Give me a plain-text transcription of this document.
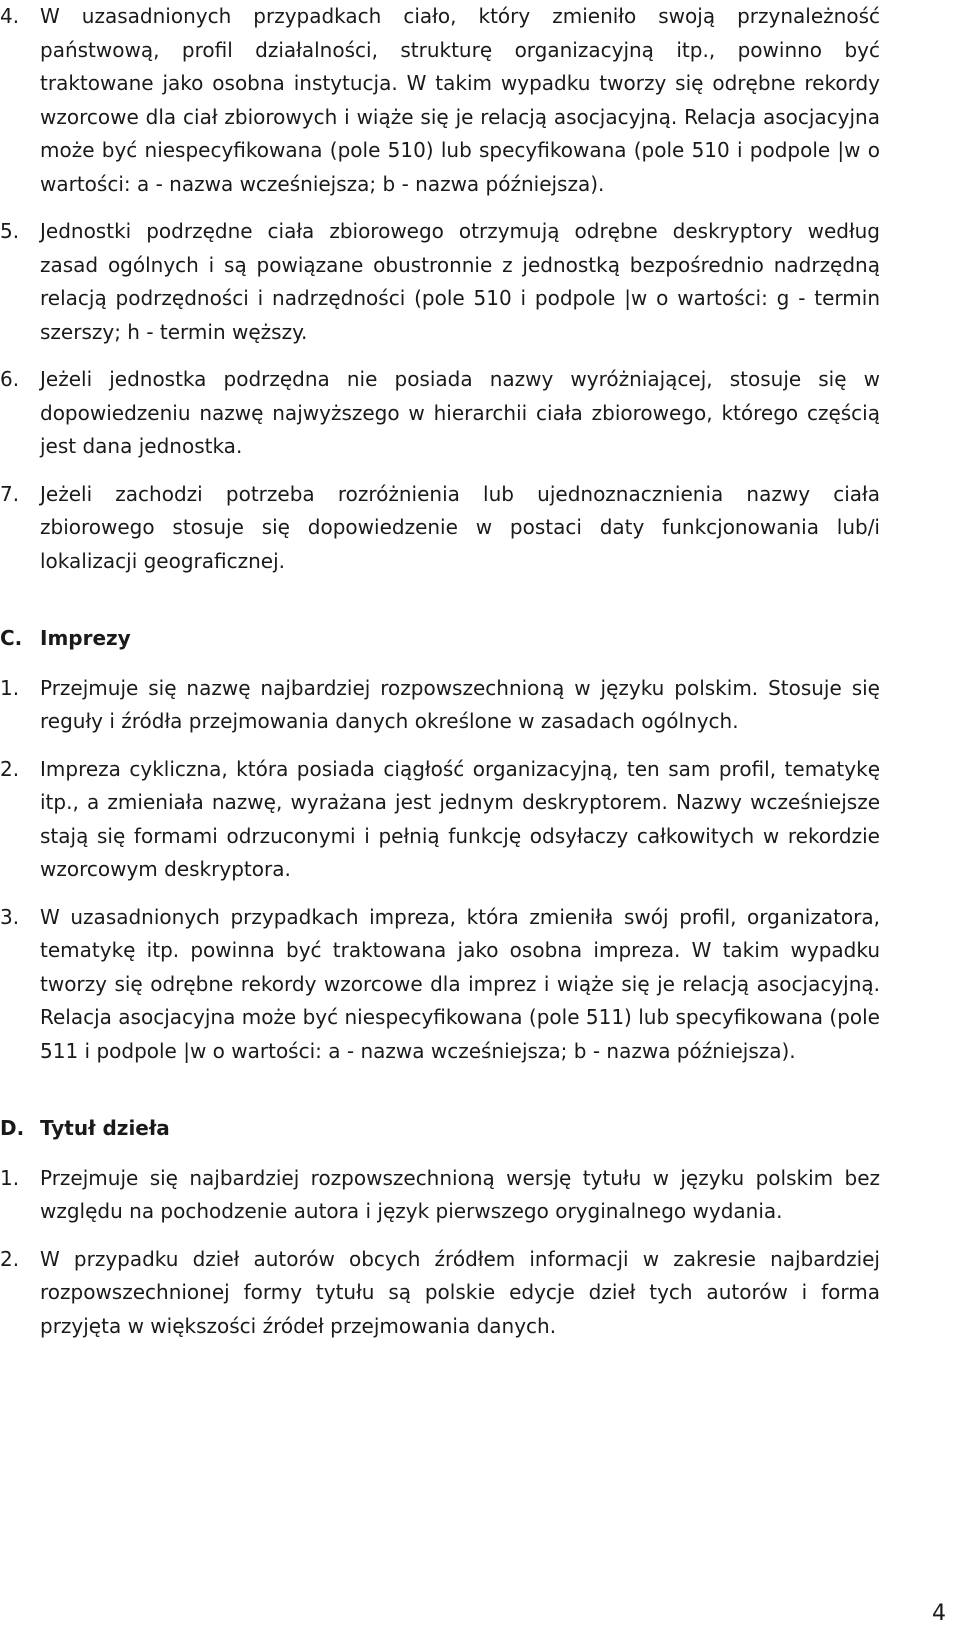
4. W uzasadnionych przypadkach ciało, który zmieniło swoją przynależność państwową, profil działalności, strukturę organizacyjną itp., powinno być traktowane jako osobna instytucja. W takim wypadku tworzy się odrębne rekordy wzorcowe dla ciał zbiorowych i wiąże się je relacją asocjacyjną. Relacja asocjacyjna może być niespecyfikowana (pole 510) lub specyfikowana (pole 510 i podpole |w o wartości: a - nazwa wcześniejsza; b - nazwa późniejsza).
5. Jednostki podrzędne ciała zbiorowego otrzymują odrębne deskryptory według zasad ogólnych i są powiązane obustronnie z jednostką bezpośrednio nadrzędną relacją podrzędności i nadrzędności (pole 510 i podpole |w o wartości: g - termin szerszy; h - termin węższy.
6. Jeżeli jednostka podrzędna nie posiada nazwy wyróżniającej, stosuje się w dopowiedzeniu nazwę najwyższego w hierarchii ciała zbiorowego, którego częścią jest dana jednostka.
7. Jeżeli zachodzi potrzeba rozróżnienia lub ujednoznacznienia nazwy ciała zbiorowego stosuje się dopowiedzenie w postaci daty funkcjonowania lub/i lokalizacji geograficznej.
C. Imprezy
1. Przejmuje się nazwę najbardziej rozpowszechnioną w języku polskim. Stosuje się reguły i źródła przejmowania danych określone w zasadach ogólnych.
2. Impreza cykliczna, która posiada ciągłość organizacyjną, ten sam profil, tematykę itp., a zmieniała nazwę, wyrażana jest jednym deskryptorem. Nazwy wcześniejsze stają się formami odrzuconymi i pełnią funkcję odsyłaczy całkowitych w rekordzie wzorcowym deskryptora.
3. W uzasadnionych przypadkach impreza, która zmieniła swój profil, organizatora, tematykę itp. powinna być traktowana jako osobna impreza. W takim wypadku tworzy się odrębne rekordy wzorcowe dla imprez i wiąże się je relacją asocjacyjną. Relacja asocjacyjna może być niespecyfikowana (pole 511) lub specyfikowana (pole 511 i podpole |w o wartości: a - nazwa wcześniejsza; b - nazwa późniejsza).
D. Tytuł dzieła
1. Przejmuje się najbardziej rozpowszechnioną wersję tytułu w języku polskim bez względu na pochodzenie autora i język pierwszego oryginalnego wydania.
2. W przypadku dzieł autorów obcych źródłem informacji w zakresie najbardziej rozpowszechnionej formy tytułu są polskie edycje dzieł tych autorów i forma przyjęta w większości źródeł przejmowania danych.
4
